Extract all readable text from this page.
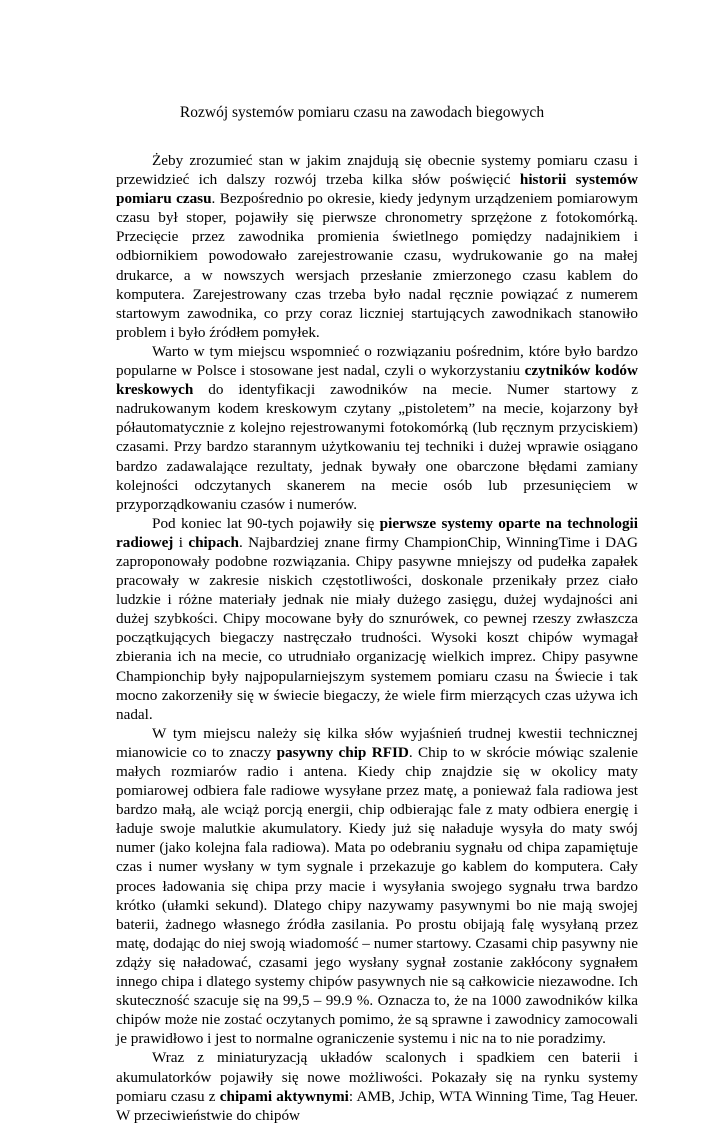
Rozwój systemów pomiaru czasu na zawodach biegowych

Żeby zrozumieć stan w jakim znajdują się obecnie systemy pomiaru czasu i przewidzieć ich dalszy rozwój trzeba kilka słów poświęcić historii systemów pomiaru czasu. Bezpośrednio po okresie, kiedy jedynym urządzeniem pomiarowym czasu był stoper, pojawiły się pierwsze chronometry sprzężone z fotokomórką. Przecięcie przez zawodnika promienia świetlnego pomiędzy nadajnikiem i odbiornikiem powodowało zarejestrowanie czasu, wydrukowanie go na małej drukarce, a w nowszych wersjach przesłanie zmierzonego czasu kablem do komputera. Zarejestrowany czas trzeba było nadal ręcznie powiązać z numerem startowym zawodnika, co przy coraz liczniej startujących zawodnikach stanowiło problem i było źródłem pomyłek.

Warto w tym miejscu wspomnieć o rozwiązaniu pośrednim, które było bardzo popularne w Polsce i stosowane jest nadal, czyli o wykorzystaniu czytników kodów kreskowych do identyfikacji zawodników na mecie. Numer startowy z nadrukowanym kodem kreskowym czytany „pistoletem” na mecie, kojarzony był półautomatycznie z kolejno rejestrowanymi fotokomórką (lub ręcznym przyciskiem) czasami. Przy bardzo starannym użytkowaniu tej techniki i dużej wprawie osiągano bardzo zadawalające rezultaty, jednak bywały one obarczone błędami zamiany kolejności odczytanych skanerem na mecie osób lub przesunięciem w przyporządkowaniu czasów i numerów.

Pod koniec lat 90-tych pojawiły się pierwsze systemy oparte na technologii radiowej i chipach. Najbardziej znane firmy ChampionChip, WinningTime i DAG zaproponowały podobne rozwiązania. Chipy pasywne mniejszy od pudełka zapałek pracowały w zakresie niskich częstotliwości, doskonale przenikały przez ciało ludzkie i różne materiały jednak nie miały dużego zasięgu, dużej wydajności ani dużej szybkości. Chipy mocowane były do sznurówek, co pewnej rzeszy zwłaszcza początkujących biegaczy nastręczało trudności. Wysoki koszt chipów wymagał zbierania ich na mecie, co utrudniało organizację wielkich imprez. Chipy pasywne Championchip były najpopularniejszym systemem pomiaru czasu na Świecie i tak mocno zakorzeniły się w świecie biegaczy, że wiele firm mierzących czas używa ich nadal.

W tym miejscu należy się kilka słów wyjaśnień trudnej kwestii technicznej mianowicie co to znaczy pasywny chip RFID. Chip to w skrócie mówiąc szalenie małych rozmiarów radio i antena. Kiedy chip znajdzie się w okolicy maty pomiarowej odbiera fale radiowe wysyłane przez matę, a ponieważ fala radiowa jest bardzo małą, ale wciąż porcją energii, chip odbierając fale z maty odbiera energię i ładuje swoje malutkie akumulatory. Kiedy już się naładuje wysyła do maty swój numer (jako kolejna fala radiowa). Mata po odebraniu sygnału od chipa zapamiętuje czas i numer wysłany w tym sygnale i przekazuje go kablem do komputera. Cały proces ładowania się chipa przy macie i wysyłania swojego sygnału trwa bardzo krótko (ułamki sekund). Dlatego chipy nazywamy pasywnymi bo nie mają swojej baterii, żadnego własnego źródła zasilania. Po prostu obijają falę wysyłaną przez matę, dodając do niej swoją wiadomość – numer startowy. Czasami chip pasywny nie zdąży się naładować, czasami jego wysłany sygnał zostanie zakłócony sygnałem innego chipa i dlatego systemy chipów pasywnych nie są całkowicie niezawodne. Ich skuteczność szacuje się na 99,5 – 99.9 %. Oznacza to, że na 1000 zawodników kilka chipów może nie zostać oczytanych pomimo, że są sprawne i zawodnicy zamocowali je prawidłowo i jest to normalne ograniczenie systemu i nic na to nie poradzimy.

Wraz z miniaturyzacją układów scalonych i spadkiem cen baterii i akumulatorków pojawiły się nowe możliwości. Pokazały się na rynku systemy pomiaru czasu z chipami aktywnymi: AMB, Jchip, WTA Winning Time, Tag Heuer. W przeciwieństwie do chipów
